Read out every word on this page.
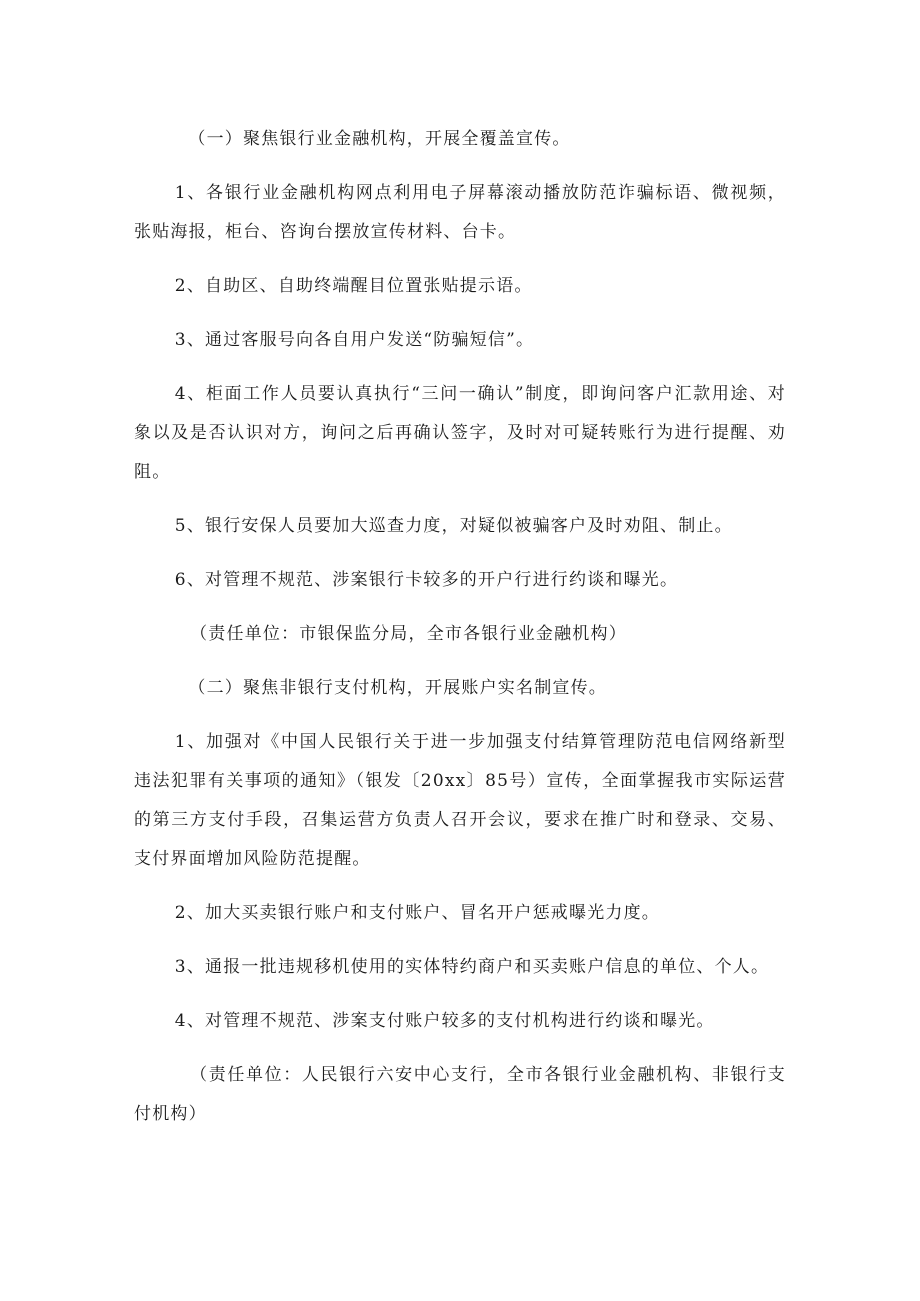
（一）聚焦银行业金融机构，开展全覆盖宣传。

1、各银行业金融机构网点利用电子屏幕滚动播放防范诈骗标语、微视频，张贴海报，柜台、咨询台摆放宣传材料、台卡。

2、自助区、自助终端醒目位置张贴提示语。

3、通过客服号向各自用户发送“防骗短信”。

4、柜面工作人员要认真执行“三问一确认”制度，即询问客户汇款用途、对象以及是否认识对方，询问之后再确认签字，及时对可疑转账行为进行提醒、劝阻。

5、银行安保人员要加大巡查力度，对疑似被骗客户及时劝阻、制止。

6、对管理不规范、涉案银行卡较多的开户行进行约谈和曝光。

（责任单位：市银保监分局，全市各银行业金融机构）

（二）聚焦非银行支付机构，开展账户实名制宣传。

1、加强对《中国人民银行关于进一步加强支付结算管理防范电信网络新型违法犯罪有关事项的通知》（银发〔20xx〕85号）宣传，全面掌握我市实际运营的第三方支付手段，召集运营方负责人召开会议，要求在推广时和登录、交易、支付界面增加风险防范提醒。

2、加大买卖银行账户和支付账户、冒名开户惩戒曝光力度。

3、通报一批违规移机使用的实体特约商户和买卖账户信息的单位、个人。

4、对管理不规范、涉案支付账户较多的支付机构进行约谈和曝光。

（责任单位：人民银行六安中心支行，全市各银行业金融机构、非银行支付机构）
